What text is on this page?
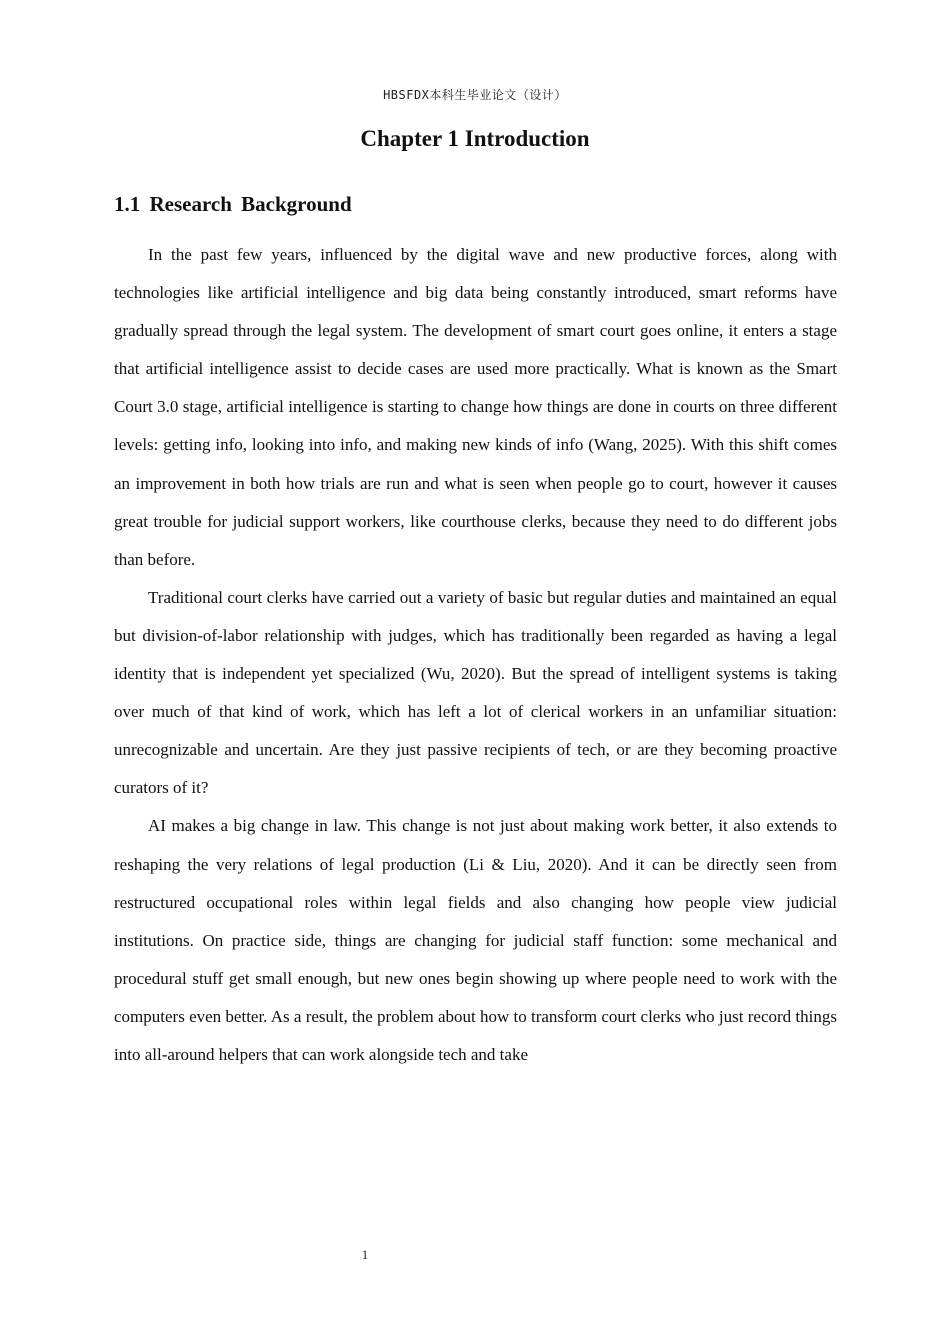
HBSFDX本科生毕业论文（设计）
Chapter 1 Introduction
1.1 Research Background

In the past few years, influenced by the digital wave and new productive forces, along with technologies like artificial intelligence and big data being constantly introduced, smart reforms have gradually spread through the legal system. The development of smart court goes online, it enters a stage that artificial intelligence assist to decide cases are used more practically. What is known as the Smart Court 3.0 stage, artificial intelligence is starting to change how things are done in courts on three different levels: getting info, looking into info, and making new kinds of info (Wang, 2025). With this shift comes an improvement in both how trials are run and what is seen when people go to court, however it causes great trouble for judicial support workers, like courthouse clerks, because they need to do different jobs than before.

Traditional court clerks have carried out a variety of basic but regular duties and maintained an equal but division-of-labor relationship with judges, which has traditionally been regarded as having a legal identity that is independent yet specialized (Wu, 2020). But the spread of intelligent systems is taking over much of that kind of work, which has left a lot of clerical workers in an unfamiliar situation: unrecognizable and uncertain. Are they just passive recipients of tech, or are they becoming proactive curators of it?

AI makes a big change in law. This change is not just about making work better, it also extends to reshaping the very relations of legal production (Li & Liu, 2020). And it can be directly seen from restructured occupational roles within legal fields and also changing how people view judicial institutions. On practice side, things are changing for judicial staff function: some mechanical and procedural stuff get small enough, but new ones begin showing up where people need to work with the computers even better. As a result, the problem about how to transform court clerks who just record things into all-around helpers that can work alongside tech and take

1
